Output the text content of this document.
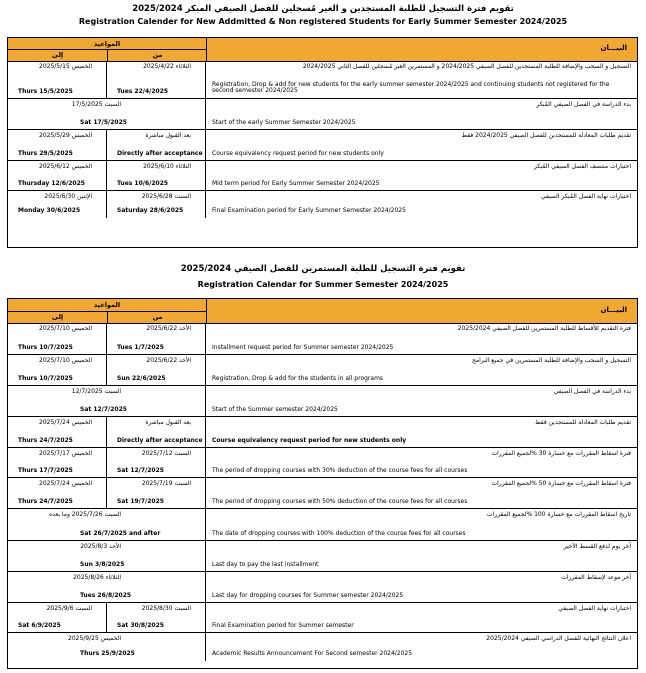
تقويم فترة التسجيل للطلبة المستجدين و الغير مُسجلين للفصل الصيفي المبكر 2025/2024
Registration Calender for New Addmitted & Non registered Students for Early Summer Semester 2024/2025
المواعيد
إلى	من
البيـــان
الخميس 2025/5/15
Thurs 15/5/2025
الثلاثاء 2025/4/22
Tues 22/4/2025
التسجيل و السحب والإضافة للطلبة المستجدين للفصل الصيفي 2024/2025 و المستمرين الغير مُسجلين للفصل الثاني 2024/2025
Registration, Drop & add for new students for the early summer semester 2024/2025 and continuing students not registered for the second semester 2024/2025
السبت 17/5/2025
Sat 17/5/2025
بدء الدراسة في الفصل الصيفي المُبكر
Start of the early Summer Semester 2024/2025
الخميس 2025/5/29
Thurs 29/5/2025
بعد القبول مباشرة
Directly after acceptance
تقديم طلبات المعادلة للمستجدين للفصل الصيفي 2024/2025 فقط
Course equivalency request period for new students only
الخميس 2025/6/12
Thursday 12/6/2025
الثلاثاء 2025/6/10
Tues 10/6/2025
اختبارات منتصف الفصل الصيفي المُبكر
Mid term period for Early Summer Semester 2024/2025
الإثنين 2025/6/30
Monday 30/6/2025
السبت 2025/6/28
Saturday 28/6/2025
اختبارات نهاية الفصل المُبكر الصيفي
Final Examination period for Early Summer Semester 2024/2025
تقويم فترة التسجيل للطلبة المستمرين للفصل الصيفي 2025/2024
Registration Calendar for Summer Semester 2024/2025
المواعيد
إلى	من
البيـــان
الخميس 2025/7/10
Thurs 10/7/2025
الأحد 2025/6/22
Tues 1/7/2025
فترة التقديم للأقساط للطلبة المستمرين للفصل الصيفي 2025/2024
Installment request period for Summer semester 2024/2025
الخميس 2025/7/10
Thurs 10/7/2025
الأحد 2025/6/22
Sun 22/6/2025
التسجيل و السحب والإضافة للطلبة المستمرين في جميع البرامج
Registration, Drop & add for the students in all programs
السبت 12/7/2025
Sat 12/7/2025
بدء الدراسة في الفصل الصيفي
Start of the Summer semester 2024/2025
الخميس 2025/7/24
Thurs 24/7/2025
بعد القبول مباشرة
Directly after acceptance
تقديم طلبات المعادلة للمستجدين فقط
Course equivalency request period for new students only
الخميس 2025/7/17
Thurs 17/7/2025
السبت 2025/7/12
Sat 12/7/2025
فترة اسقاط المقررات مع خسارة 30 %لجميع المقررات
The period of dropping courses with 30% deduction of the course fees for all courses
الخميس 2025/7/24
Thurs 24/7/2025
السبت 2025/7/19
Sat 19/7/2025
فترة اسقاط المقررات مع خسارة 50 %لجميع المقررات
The period of dropping courses with 50% deduction of the course fees for all courses
السبت 2025/7/26 وما بعده
Sat 26/7/2025 and after
تاريخ اسقاط المقررات مع خسارة 100 %لجميع المقررات
The date of dropping courses with 100% deduction of the course fees for all courses
الأحد 2025/8/3
Sun 3/8/2025
آخر يوم لدفع القسط الأخير
Last day to pay the last installment
الثلاثاء 2025/8/26
Tues 26/8/2025
آخر موعد لإسقاط المقررات
Last day for dropping courses for Summer semester 2024/2025
السبت 2025/9/6
Sat 6/9/2025
السبت 2025/8/30
Sat 30/8/2025
اختبارات نهاية الفصل الصيفي
Final Examination period for Summer semester
الخميس 2025/9/25
Thurs 25/9/2025
اعلان النتائج النهائية للفصل الدراسي الصيفي 2025/2024
Academic Results Announcement For Second semester 2024/2025
